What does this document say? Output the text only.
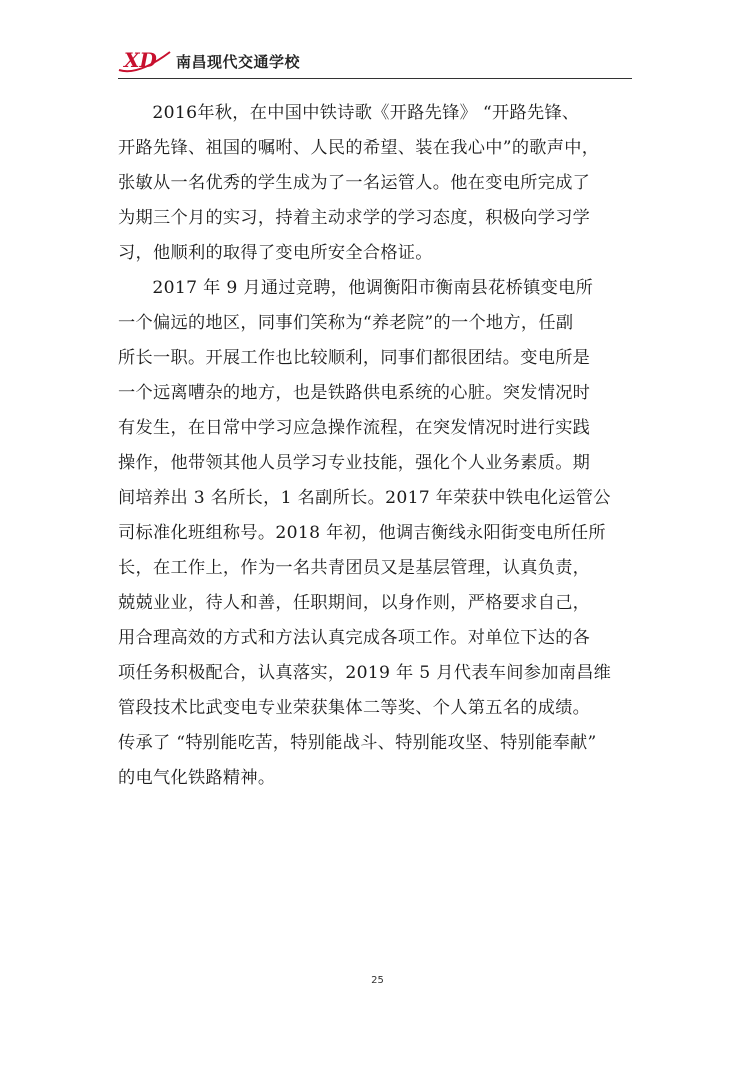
XD 南昌现代交通学校

2016年秋，在中国中铁诗歌《开路先锋》 “开路先锋、
开路先锋、祖国的嘱咐、人民的希望、装在我心中”的歌声中，
张敏从一名优秀的学生成为了一名运管人。他在变电所完成了
为期三个月的实习，持着主动求学的学习态度，积极向学习学
习，他顺利的取得了变电所安全合格证。

2017 年 9 月通过竞聘，他调衡阳市衡南县花桥镇变电所
一个偏远的地区，同事们笑称为“养老院”的一个地方，任副
所长一职。开展工作也比较顺利，同事们都很团结。变电所是
一个远离嘈杂的地方，也是铁路供电系统的心脏。突发情况时
有发生，在日常中学习应急操作流程，在突发情况时进行实践
操作，他带领其他人员学习专业技能，强化个人业务素质。期
间培养出 3 名所长，1 名副所长。2017 年荣获中铁电化运管公
司标准化班组称号。2018 年初，他调吉衡线永阳街变电所任所
长，在工作上，作为一名共青团员又是基层管理，认真负责，
兢兢业业，待人和善，任职期间，以身作则，严格要求自己，
用合理高效的方式和方法认真完成各项工作。对单位下达的各
项任务积极配合，认真落实，2019 年 5 月代表车间参加南昌维
管段技术比武变电专业荣获集体二等奖、个人第五名的成绩。
传承了 “特别能吃苦，特别能战斗、特别能攻坚、特别能奉献”
的电气化铁路精神。

25
